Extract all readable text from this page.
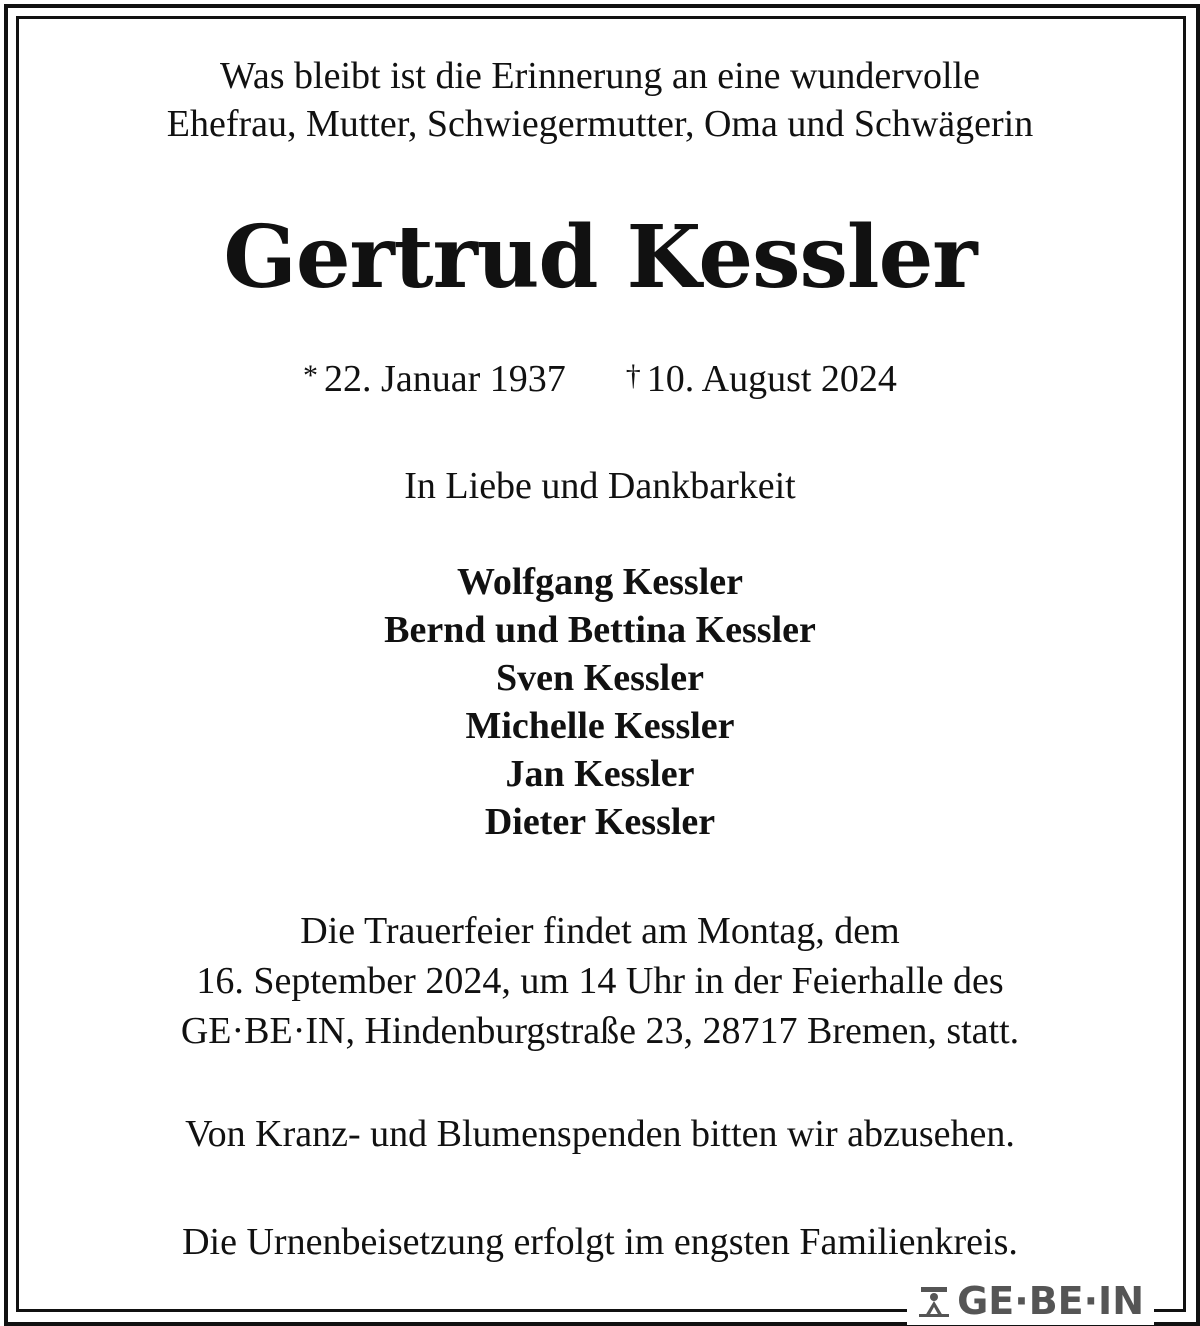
Was bleibt ist die Erinnerung an eine wundervolle
Ehefrau, Mutter, Schwiegermutter, Oma und Schwägerin
Gertrud Kessler
* 22. Januar 1937 † 10. August 2024
In Liebe und Dankbarkeit
Wolfgang Kessler
Bernd und Bettina Kessler
Sven Kessler
Michelle Kessler
Jan Kessler
Dieter Kessler
Die Trauerfeier findet am Montag, dem
16. September 2024, um 14 Uhr in der Feierhalle des
GE·BE·IN, Hindenburgstraße 23, 28717 Bremen, statt.
Von Kranz- und Blumenspenden bitten wir abzusehen.
Die Urnenbeisetzung erfolgt im engsten Familienkreis.
GE·BE·IN
